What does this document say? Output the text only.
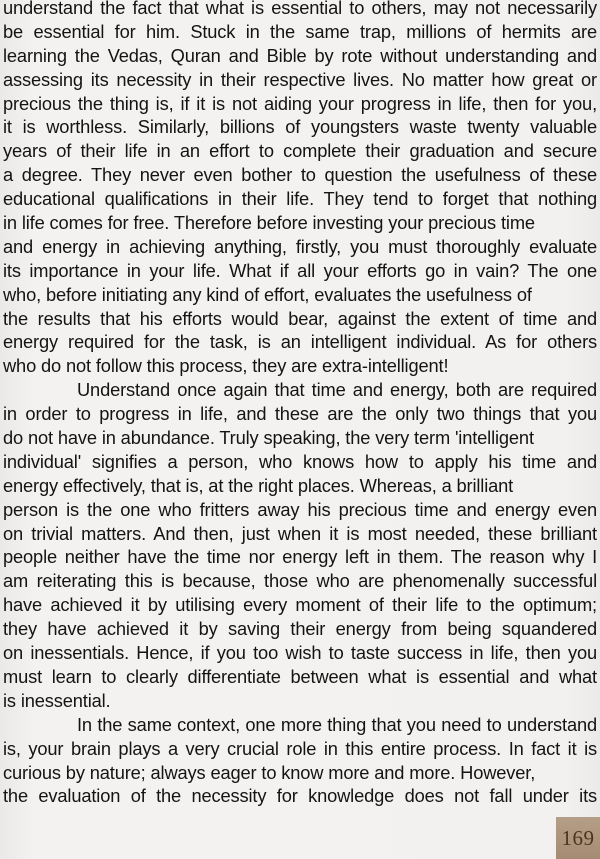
understand the fact that what is essential to others, may not necessarily
be essential for him. Stuck in the same trap, millions of hermits are
learning the Vedas, Quran and Bible by rote without understanding and
assessing its necessity in their respective lives. No matter how great or
precious the thing is, if it is not aiding your progress in life, then for you,
it is worthless. Similarly, billions of youngsters waste twenty valuable
years of their life in an effort to complete their graduation and secure
a degree. They never even bother to question the usefulness of these
educational qualifications in their life. They tend to forget that nothing
in life comes for free. Therefore before investing your precious time
and energy in achieving anything, firstly, you must thoroughly evaluate
its importance in your life. What if all your efforts go in vain? The one
who, before initiating any kind of effort, evaluates the usefulness of
the results that his efforts would bear, against the extent of time and
energy required for the task, is an intelligent individual. As for others
who do not follow this process, they are extra-intelligent!
Understand once again that time and energy, both are required
in order to progress in life, and these are the only two things that you
do not have in abundance. Truly speaking, the very term 'intelligent
individual' signifies a person, who knows how to apply his time and
energy effectively, that is, at the right places. Whereas, a brilliant
person is the one who fritters away his precious time and energy even
on trivial matters. And then, just when it is most needed, these brilliant
people neither have the time nor energy left in them. The reason why I
am reiterating this is because, those who are phenomenally successful
have achieved it by utilising every moment of their life to the optimum;
they have achieved it by saving their energy from being squandered
on inessentials. Hence, if you too wish to taste success in life, then you
must learn to clearly differentiate between what is essential and what
is inessential.
In the same context, one more thing that you need to understand
is, your brain plays a very crucial role in this entire process. In fact it is
curious by nature; always eager to know more and more. However,
the evaluation of the necessity for knowledge does not fall under its
169
